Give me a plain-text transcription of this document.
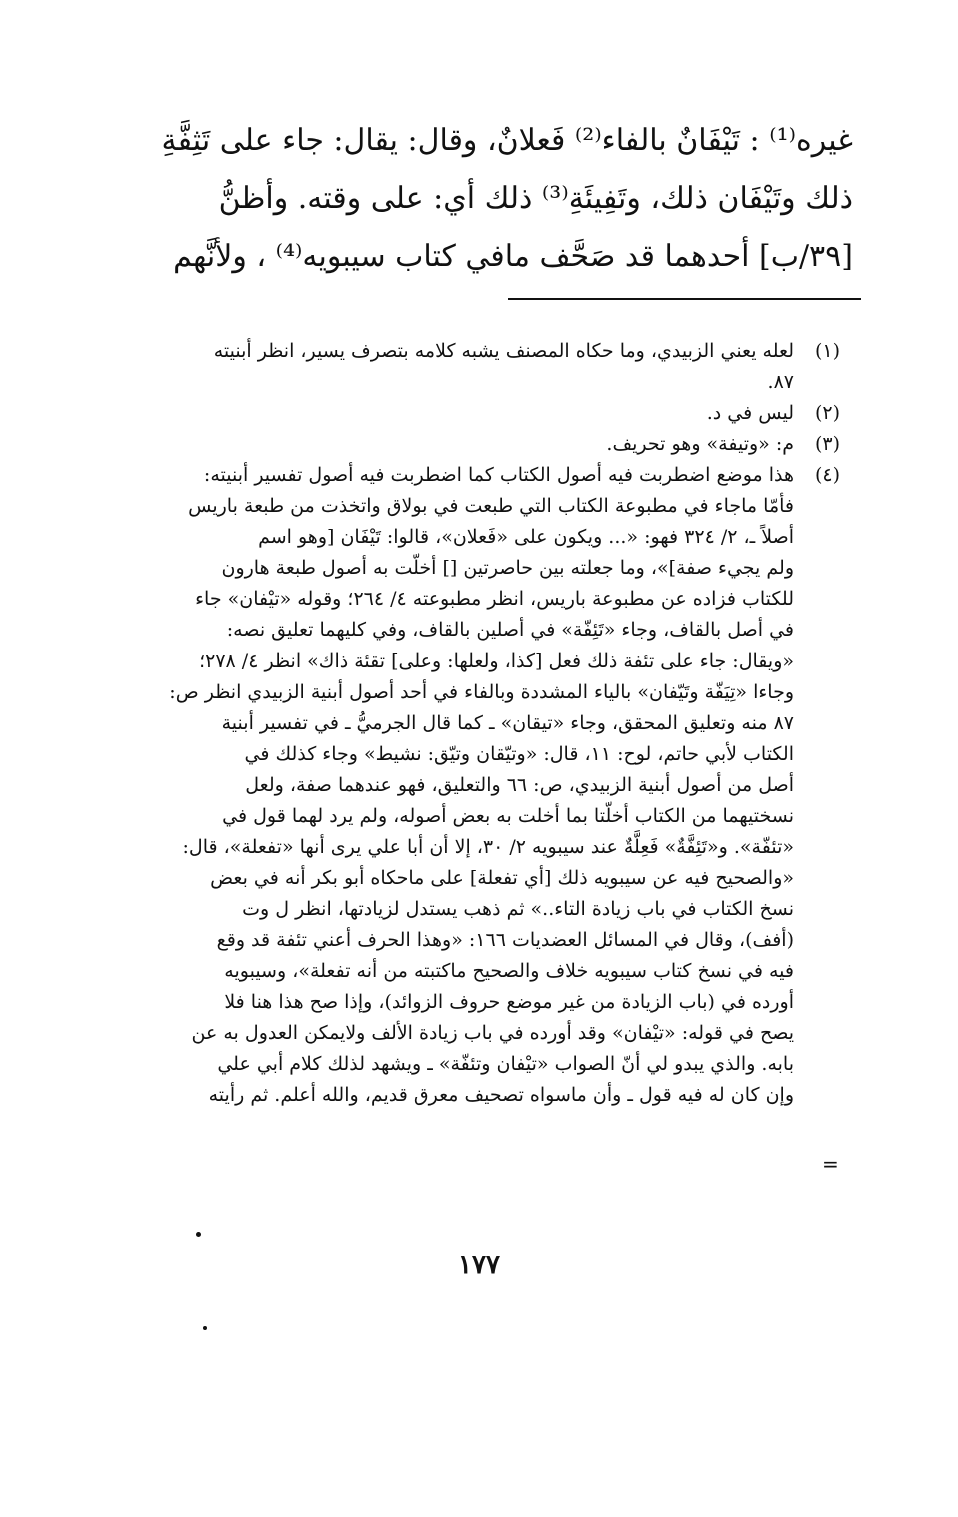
غيره⁽¹⁾ : تَيْفَانٌ بالفاء⁽²⁾ فَعلانٌ، وقال: يقال: جاء على تَثِفَّةِ
ذلك وتَيْفَان ذلك، وتَفِيئَةِ⁽³⁾ ذلك أي: على وقته. وأظنُّ
[٣٩/ب] أحدهما قد صَحَّف مافي كتاب سيبويه⁽⁴⁾ ، ولأنَّهم
(١)
لعله يعني الزبيدي، وما حكاه المصنف يشبه كلامه بتصرف يسير، انظر أبنيته
٨٧.
(٢)
ليس في د.
(٣)
م: «وتيفة» وهو تحريف.
(٤)
هذا موضع اضطربت فيه أصول الكتاب كما اضطربت فيه أصول تفسير أبنيته:
فأمّا ماجاء في مطبوعة الكتاب التي طبعت في بولاق واتخذت من طبعة باريس
أصلاً ـ، ٢/ ٣٢٤ فهو: «... ويكون على «فَعلان»، قالوا: تَيْفَان [وهو اسم
ولم يجيء صفة]»، وما جعلته بين حاصرتين [] أخلّت به أصول طبعة هارون
للكتاب فزاده عن مطبوعة باريس، انظر مطبوعته ٤/ ٢٦٤؛ وقوله «تيْفان» جاء
في أصل بالقاف، وجاء «تَئِفّة» في أصلين بالقاف، وفي كليهما تعليق نصه:
«ويقال: جاء على تئفة ذلك فعل [كذا، ولعلها: وعلى] تقئة ذاك» انظر ٤/ ٢٧٨؛
وجاءا «تِيَفّة وتَيّفان» بالياء المشددة وبالفاء في أحد أصول أبنية الزبيدي انظر ص:
٨٧ منه وتعليق المحقق، وجاء «تيقان» ـ كما قال الجرميُّ ـ في تفسير أبنية
الكتاب لأبي حاتم، لوح: ١١، قال: «وتيّقان وتيّق: نشيط» وجاء كذلك في
أصل من أصول أبنية الزبيدي، ص: ٦٦ والتعليق، فهو عندهما صفة، ولعل
نسختيهما من الكتاب أخلّتا بما أخلت به بعض أصوله، ولم يرد لهما قول في
«تئفّة». و«تَئِفَّةٌ» فَعِلَّةٌ عند سيبويه ٢/ ٣٠، إلا أن أبا علي يرى أنها «تفعلة»، قال:
«والصحيح فيه عن سيبويه ذلك [أي تفعلة] على ماحكاه أبو بكر أنه في بعض
نسخ الكتاب في باب زيادة التاء..» ثم ذهب يستدل لزيادتها، انظر ل وت
(أفف)، وقال في المسائل العضديات ١٦٦: «وهذا الحرف أعني تئفة قد وقع
فيه في نسخ كتاب سيبويه خلاف والصحيح ماكتبته من أنه تفعلة»، وسيبويه
أورده في (باب الزيادة من غير موضع حروف الزوائد)، وإذا صح هذا هنا فلا
يصح في قوله: «تيْفان» وقد أورده في باب زيادة الألف ولايمكن العدول به عن
بابه. والذي يبدو لي أنّ الصواب «تيْفان وتئفّة» ـ ويشهد لذلك كلام أبي علي
وإن كان له فيه قول ـ وأن ماسواه تصحيف معرق قديم، والله أعلم. ثم رأيته
=
١٧٧
